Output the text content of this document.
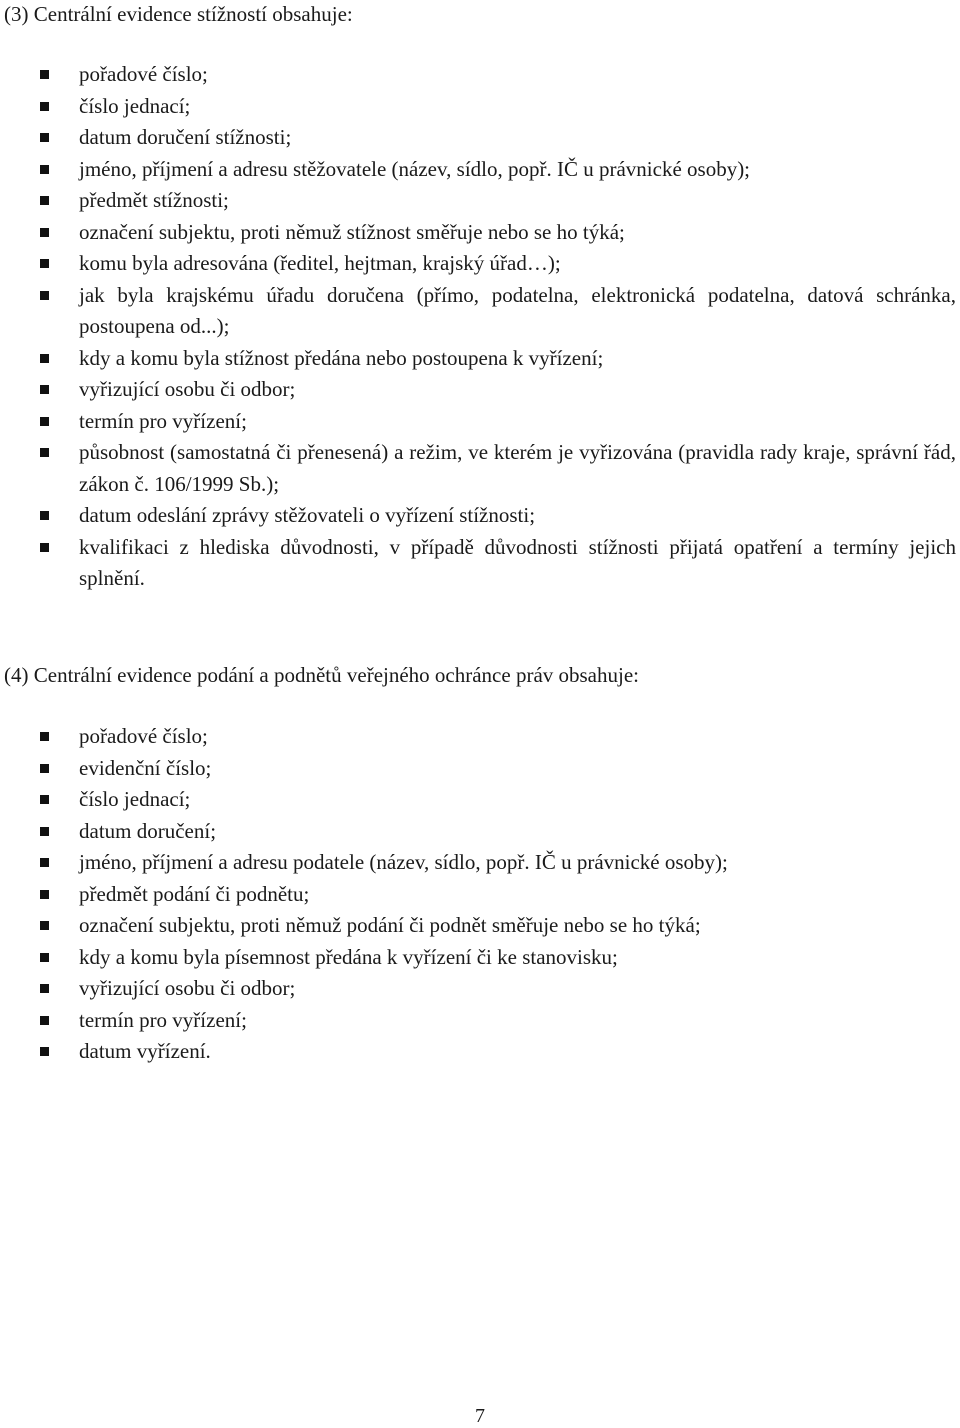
(3) Centrální evidence stížností obsahuje:
pořadové číslo;
číslo jednací;
datum doručení stížnosti;
jméno, příjmení a adresu stěžovatele (název, sídlo, popř. IČ u právnické osoby);
předmět stížnosti;
označení subjektu, proti němuž stížnost směřuje nebo se ho týká;
komu byla adresována (ředitel, hejtman, krajský úřad…);
jak byla krajskému úřadu doručena (přímo, podatelna, elektronická podatelna, datová schránka, postoupena od...);
kdy a komu byla stížnost předána nebo postoupena k vyřízení;
vyřizující osobu či odbor;
termín pro vyřízení;
působnost (samostatná či přenesená) a režim, ve kterém je vyřizována (pravidla rady kraje, správní řád, zákon č. 106/1999 Sb.);
datum odeslání zprávy stěžovateli o vyřízení stížnosti;
kvalifikaci z hlediska důvodnosti, v případě důvodnosti stížnosti přijatá opatření a termíny jejich splnění.
(4) Centrální evidence podání a podnětů veřejného ochránce práv obsahuje:
pořadové číslo;
evidenční číslo;
číslo jednací;
datum doručení;
jméno, příjmení a adresu podatele (název, sídlo, popř. IČ u právnické osoby);
předmět podání či podnětu;
označení subjektu, proti němuž podání či podnět směřuje nebo se ho týká;
kdy a komu byla písemnost předána k vyřízení či ke stanovisku;
vyřizující osobu či odbor;
termín pro vyřízení;
datum vyřízení.
7
